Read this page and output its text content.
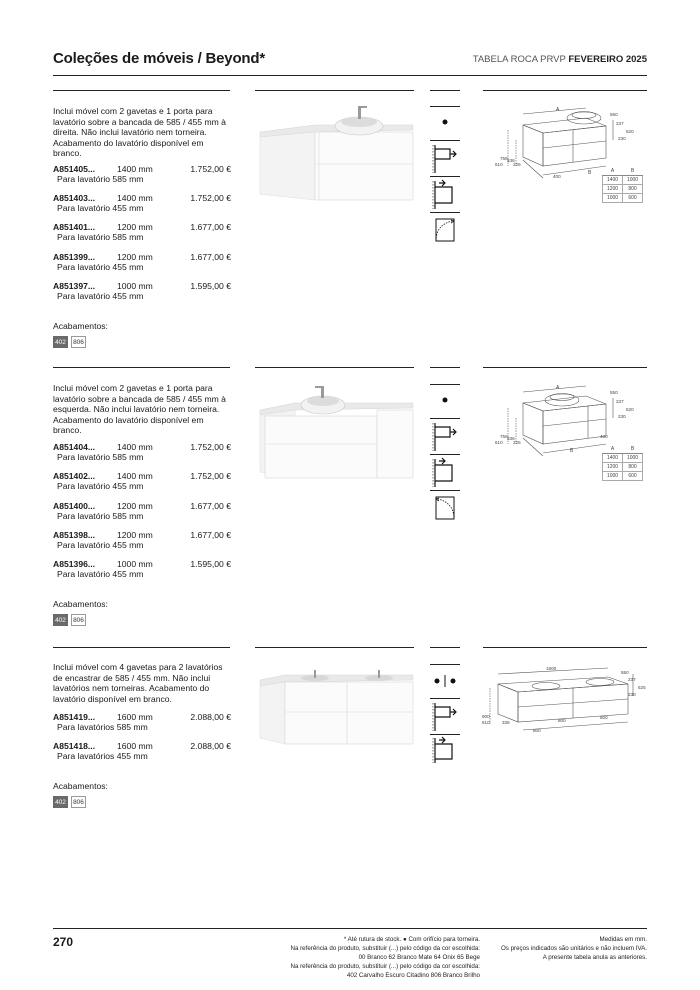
Coleções de móveis / Beyond*	TABELA ROCA PRVP FEVEREIRO 2025
Inclui móvel com 2 gavetas e 1 porta para lavatório sobre a bancada de 585 / 455 mm à direita. Não inclui lavatório nem torneira. Acabamento do lavatório disponível em branco.
A851405...	1400 mm	1.752,00 €
Para lavatório 585 mm
A851403...	1400 mm	1.752,00 €
Para lavatório 455 mm
A851401...	1200 mm	1.677,00 €
Para lavatório 585 mm
A851399...	1200 mm	1.677,00 €
Para lavatório 455 mm
A851397...	1000 mm	1.595,00 €
Para lavatório 455 mm
Acabamentos:
402	806
A
B
550
237
520
230
756
610
336
225
400
A	B
1400	1000
1200	800
1000	600
Inclui móvel com 2 gavetas e 1 porta para lavatório sobre a bancada de 585 / 455 mm à esquerda. Não inclui lavatório nem torneira. Acabamento do lavatório disponível em branco.
A851404...	1400 mm	1.752,00 €
Para lavatório 585 mm
A851402...	1400 mm	1.752,00 €
Para lavatório 455 mm
A851400...	1200 mm	1.677,00 €
Para lavatório 585 mm
A851398...	1200 mm	1.677,00 €
Para lavatório 455 mm
A851396...	1000 mm	1.595,00 €
Para lavatório 455 mm
Acabamentos:
402	806
A
B
550
237
520
230
756
610
336
225
400
A	B
1400	1000
1200	800
1000	600
Inclui móvel com 4 gavetas para 2 lavatórios de encastrar de 585 / 455 mm. Não inclui lavatórios nem torneiras. Acabamento do lavatório disponível em branco.
A851419...	1600 mm	2.088,00 €
Para lavatórios 585 mm
A851418...	1600 mm	2.088,00 €
Para lavatórios 455 mm
Acabamentos:
402	806
1600
550
237
525
230
900
610	336
800
800
800
270	* Até rutura de stock. ● Com orifício para torneira.
Na referência do produto, substituir (...) pelo código da cor escolhida:
00 Branco 62 Branco Mate 64 Onix 65 Bege
Na referência do produto, substituir (...) pelo código da cor escolhida:
402 Carvalho Escuro Citadino 806 Branco Brilho
Medidas em mm.
Os preços indicados são unitários e não incluem IVA.
A presente tabela anula as anteriores.
